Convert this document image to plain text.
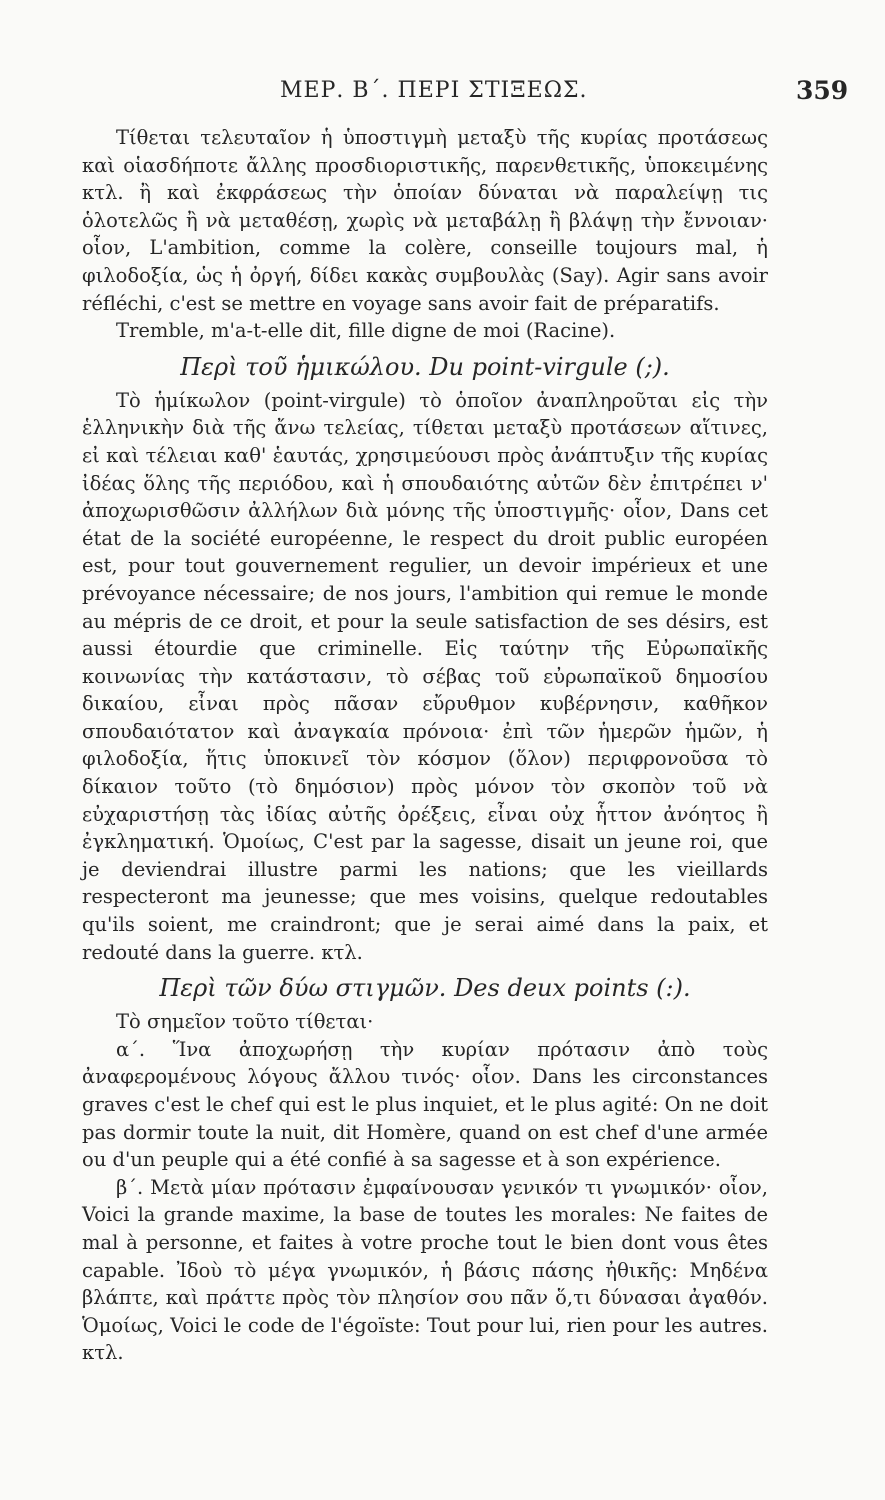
ΜΕΡ. Β΄. ΠΕΡΙ ΣΤΙΞΕΩΣ.	359

Τίθεται τελευταῖον ἡ ὑποστιγμὴ μεταξὺ τῆς κυρίας προτάσεως καὶ οἱασδήποτε ἄλλης προσδιοριστικῆς, παρενθετικῆς, ὑποκειμένης κτλ. ἢ καὶ ἐκφράσεως τὴν ὁποίαν δύναται νὰ παραλείψῃ τις ὁλοτελῶς ἢ νὰ μεταθέσῃ, χωρὶς νὰ μεταβάλῃ ἢ βλάψῃ τὴν ἔννοιαν· οἷον, L'ambition, comme la colère, conseille toujours mal, ἡ φιλοδοξία, ὡς ἡ ὀργή, δίδει κακὰς συμβουλὰς (Say). Agir sans avoir réfléchi, c'est se mettre en voyage sans avoir fait de préparatifs.

Tremble, m'a-t-elle dit, fille digne de moi (Racine).

Περὶ τοῦ ἡμικώλου. Du point-virgule (;).

Τὸ ἡμίκωλον (point-virgule) τὸ ὁποῖον ἀναπληροῦται εἰς τὴν ἑλληνικὴν διὰ τῆς ἄνω τελείας, τίθεται μεταξὺ προτάσεων αἵτινες, εἰ καὶ τέλειαι καθ' ἑαυτάς, χρησιμεύουσι πρὸς ἀνάπτυξιν τῆς κυρίας ἰδέας ὅλης τῆς περιόδου, καὶ ἡ σπουδαιότης αὐτῶν δὲν ἐπιτρέπει ν' ἀποχωρισθῶσιν ἀλλήλων διὰ μόνης τῆς ὑποστιγμῆς· οἷον, Dans cet état de la société européenne, le respect du droit public européen est, pour tout gouvernement regulier, un devoir impérieux et une prévoyance nécessaire; de nos jours, l'ambition qui remue le monde au mépris de ce droit, et pour la seule satisfaction de ses désirs, est aussi étourdie que criminelle. Εἰς ταύτην τῆς Εὐρωπαϊκῆς κοινωνίας τὴν κατάστασιν, τὸ σέβας τοῦ εὐρωπαϊκοῦ δημοσίου δικαίου, εἶναι πρὸς πᾶσαν εὔρυθμον κυβέρνησιν, καθῆκον σπουδαιότατον καὶ ἀναγκαία πρόνοια· ἐπὶ τῶν ἡμερῶν ἡμῶν, ἡ φιλοδοξία, ἥτις ὑποκινεῖ τὸν κόσμον (ὅλον) περιφρονοῦσα τὸ δίκαιον τοῦτο (τὸ δημόσιον) πρὸς μόνον τὸν σκοπὸν τοῦ νὰ εὐχαριστήσῃ τὰς ἰδίας αὐτῆς ὀρέξεις, εἶναι οὐχ ἧττον ἀνόητος ἢ ἐγκληματική. Ὁμοίως, C'est par la sagesse, disait un jeune roi, que je deviendrai illustre parmi les nations; que les vieillards respecteront ma jeunesse; que mes voisins, quelque redoutables qu'ils soient, me craindront; que je serai aimé dans la paix, et redouté dans la guerre. κτλ.

Περὶ τῶν δύω στιγμῶν. Des deux points (:).

Τὸ σημεῖον τοῦτο τίθεται·

α΄. Ἵνα ἀποχωρήσῃ τὴν κυρίαν πρότασιν ἀπὸ τοὺς ἀναφερομένους λόγους ἄλλου τινός· οἷον. Dans les circonstances graves c'est le chef qui est le plus inquiet, et le plus agité: On ne doit pas dormir toute la nuit, dit Homère, quand on est chef d'une armée ou d'un peuple qui a été confié à sa sagesse et à son expérience.

β΄. Μετὰ μίαν πρότασιν ἐμφαίνουσαν γενικόν τι γνωμικόν· οἷον, Voici la grande maxime, la base de toutes les morales: Ne faites de mal à personne, et faites à votre proche tout le bien dont vous êtes capable. Ἰδοὺ τὸ μέγα γνωμικόν, ἡ βάσις πάσης ἠθικῆς: Μηδένα βλάπτε, καὶ πράττε πρὸς τὸν πλησίον σου πᾶν ὅ,τι δύνασαι ἀγαθόν. Ὁμοίως, Voici le code de l'égoïste: Tout pour lui, rien pour les autres. κτλ.
